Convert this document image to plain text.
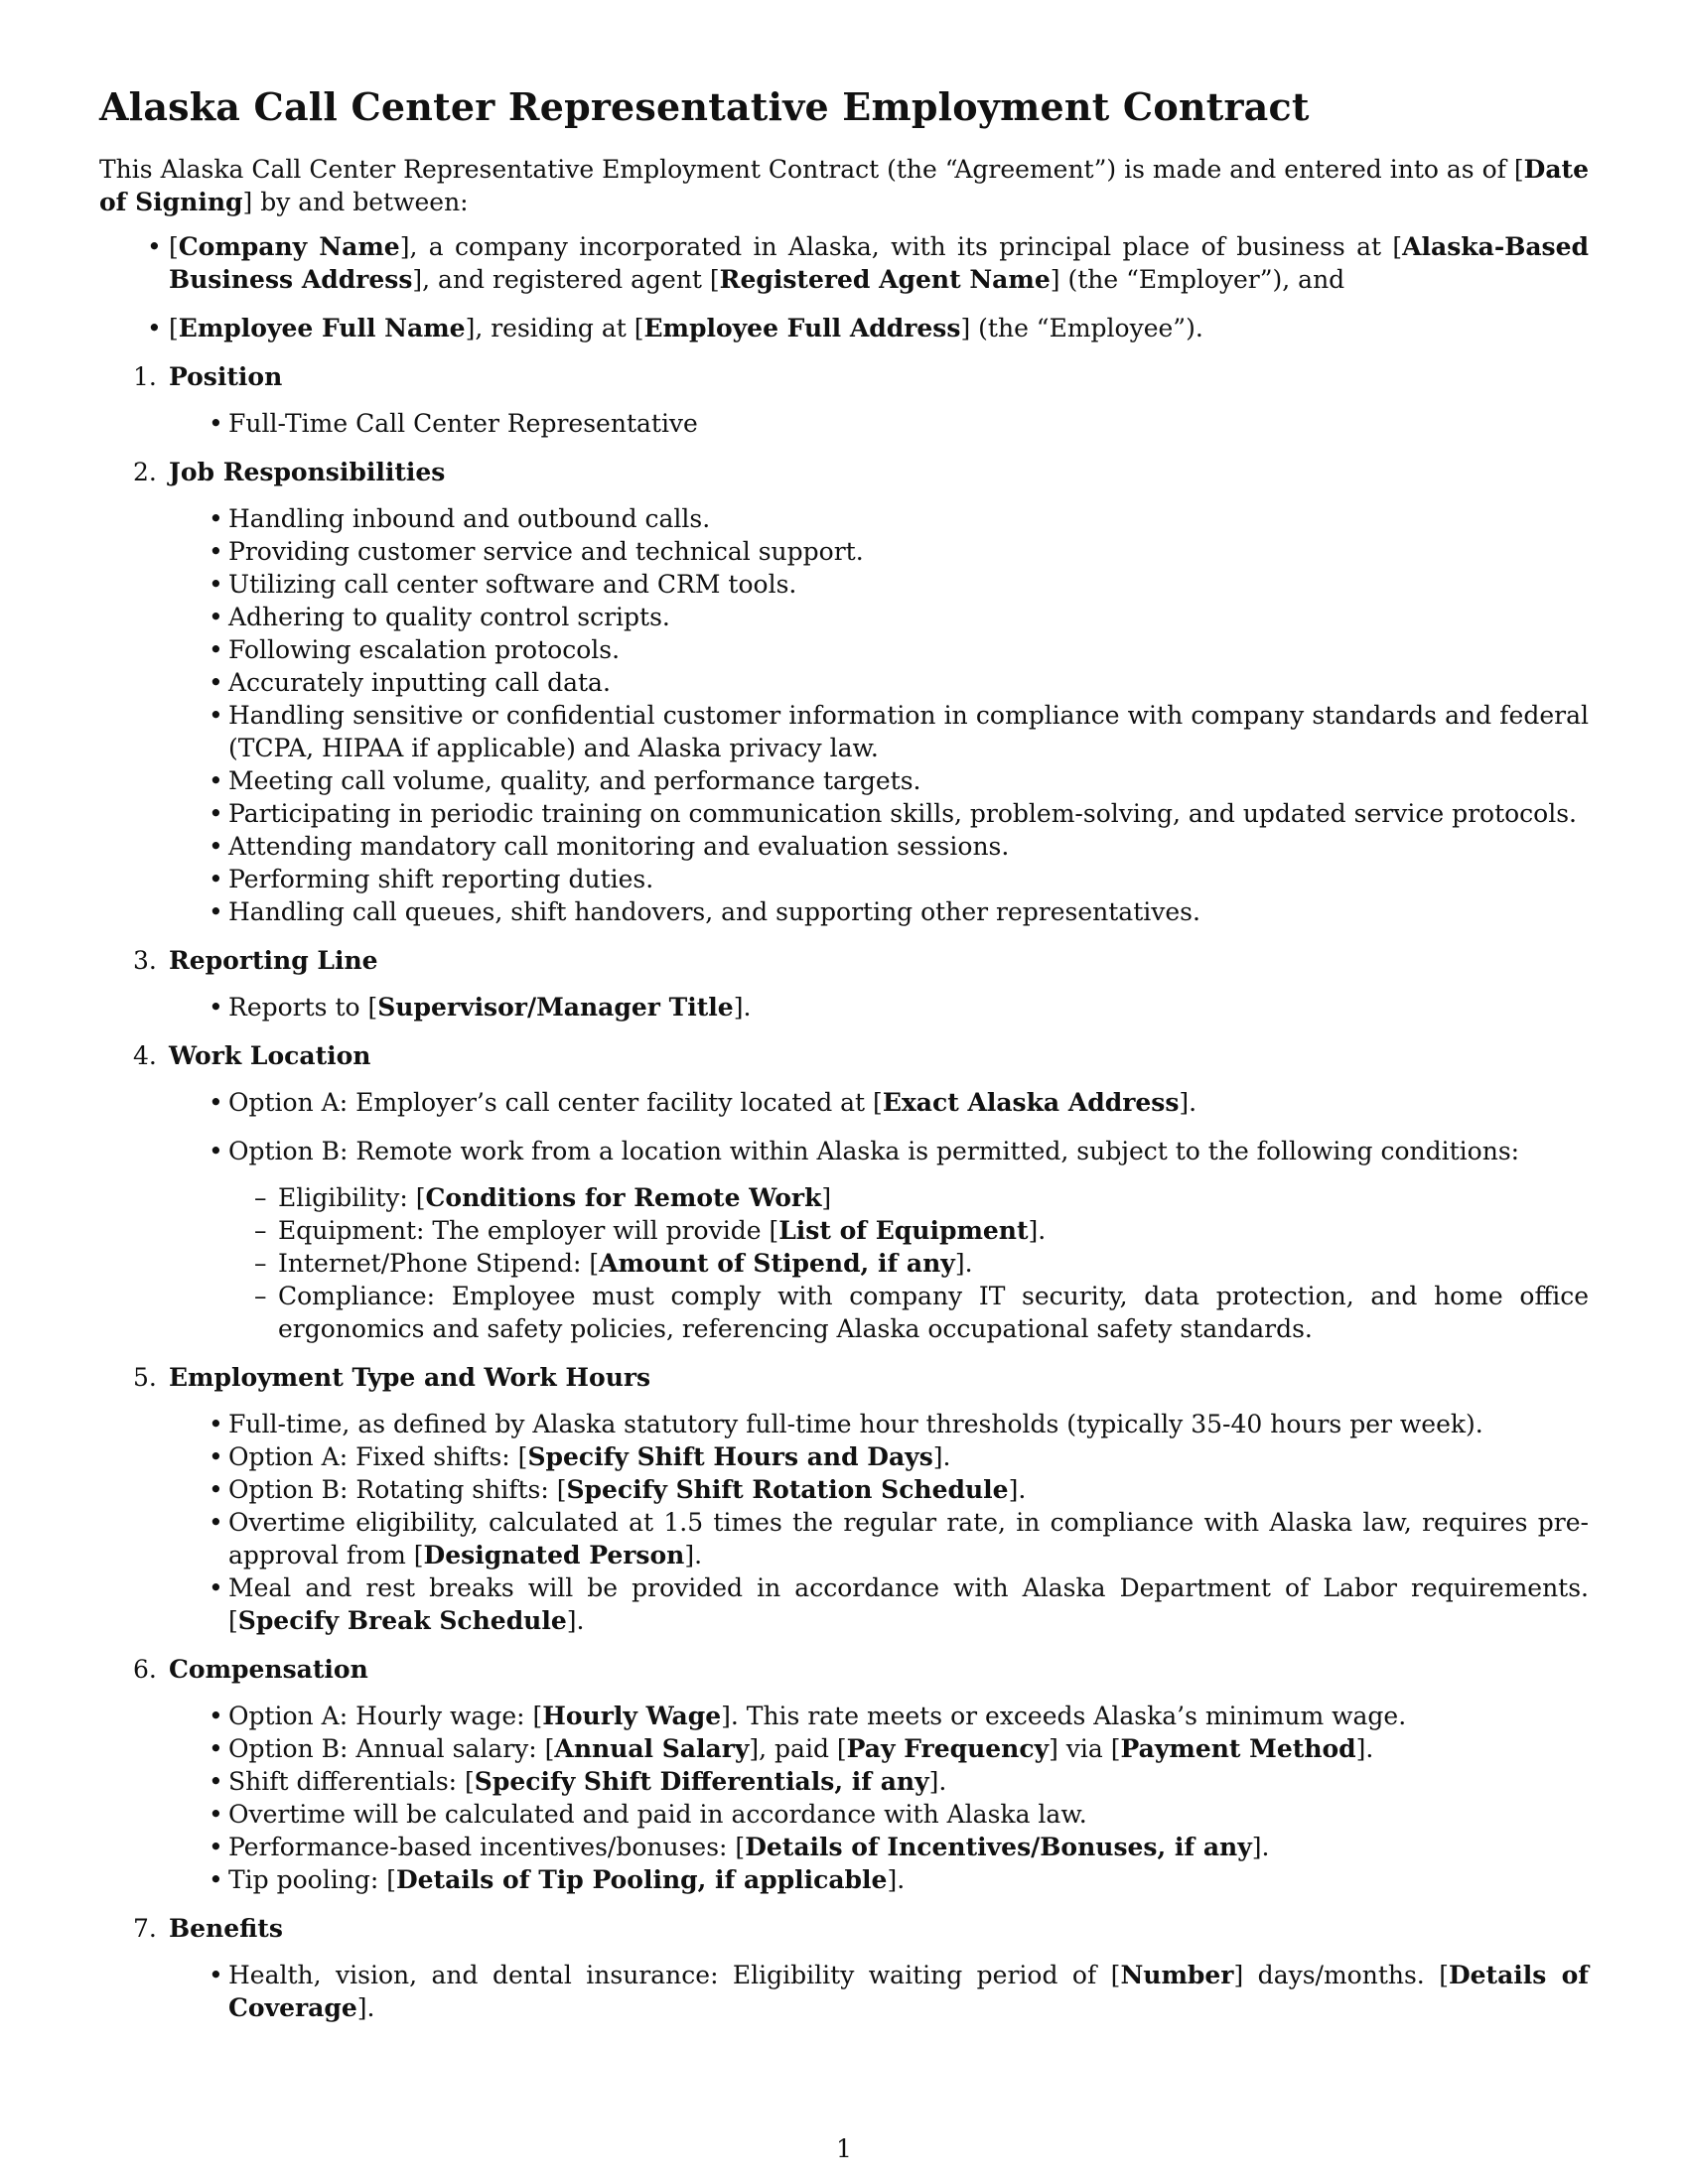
Alaska Call Center Representative Employment Contract

This Alaska Call Center Representative Employment Contract (the “Agreement”) is made and entered into as of [Date of Signing] by and between:

• [Company Name], a company incorporated in Alaska, with its principal place of business at [Alaska-Based Business Address], and registered agent [Registered Agent Name] (the “Employer”), and
• [Employee Full Name], residing at [Employee Full Address] (the “Employee”).
1. Position
• Full-Time Call Center Representative
2. Job Responsibilities
• Handling inbound and outbound calls.
• Providing customer service and technical support.
• Utilizing call center software and CRM tools.
• Adhering to quality control scripts.
• Following escalation protocols.
• Accurately inputting call data.
• Handling sensitive or confidential customer information in compliance with company standards and federal (TCPA, HIPAA if applicable) and Alaska privacy law.
• Meeting call volume, quality, and performance targets.
• Participating in periodic training on communication skills, problem-solving, and updated service protocols.
• Attending mandatory call monitoring and evaluation sessions.
• Performing shift reporting duties.
• Handling call queues, shift handovers, and supporting other representatives.
3. Reporting Line
• Reports to [Supervisor/Manager Title].
4. Work Location
• Option A: Employer’s call center facility located at [Exact Alaska Address].
• Option B: Remote work from a location within Alaska is permitted, subject to the following conditions:
– Eligibility: [Conditions for Remote Work]
– Equipment: The employer will provide [List of Equipment].
– Internet/Phone Stipend: [Amount of Stipend, if any].
– Compliance: Employee must comply with company IT security, data protection, and home office ergonomics and safety policies, referencing Alaska occupational safety standards.
5. Employment Type and Work Hours
• Full-time, as defined by Alaska statutory full-time hour thresholds (typically 35-40 hours per week).
• Option A: Fixed shifts: [Specify Shift Hours and Days].
• Option B: Rotating shifts: [Specify Shift Rotation Schedule].
• Overtime eligibility, calculated at 1.5 times the regular rate, in compliance with Alaska law, requires pre-approval from [Designated Person].
• Meal and rest breaks will be provided in accordance with Alaska Department of Labor requirements. [Specify Break Schedule].
6. Compensation
• Option A: Hourly wage: [Hourly Wage]. This rate meets or exceeds Alaska’s minimum wage.
• Option B: Annual salary: [Annual Salary], paid [Pay Frequency] via [Payment Method].
• Shift differentials: [Specify Shift Differentials, if any].
• Overtime will be calculated and paid in accordance with Alaska law.
• Performance-based incentives/bonuses: [Details of Incentives/Bonuses, if any].
• Tip pooling: [Details of Tip Pooling, if applicable].
7. Benefits
• Health, vision, and dental insurance: Eligibility waiting period of [Number] days/months. [Details of Coverage].
1
